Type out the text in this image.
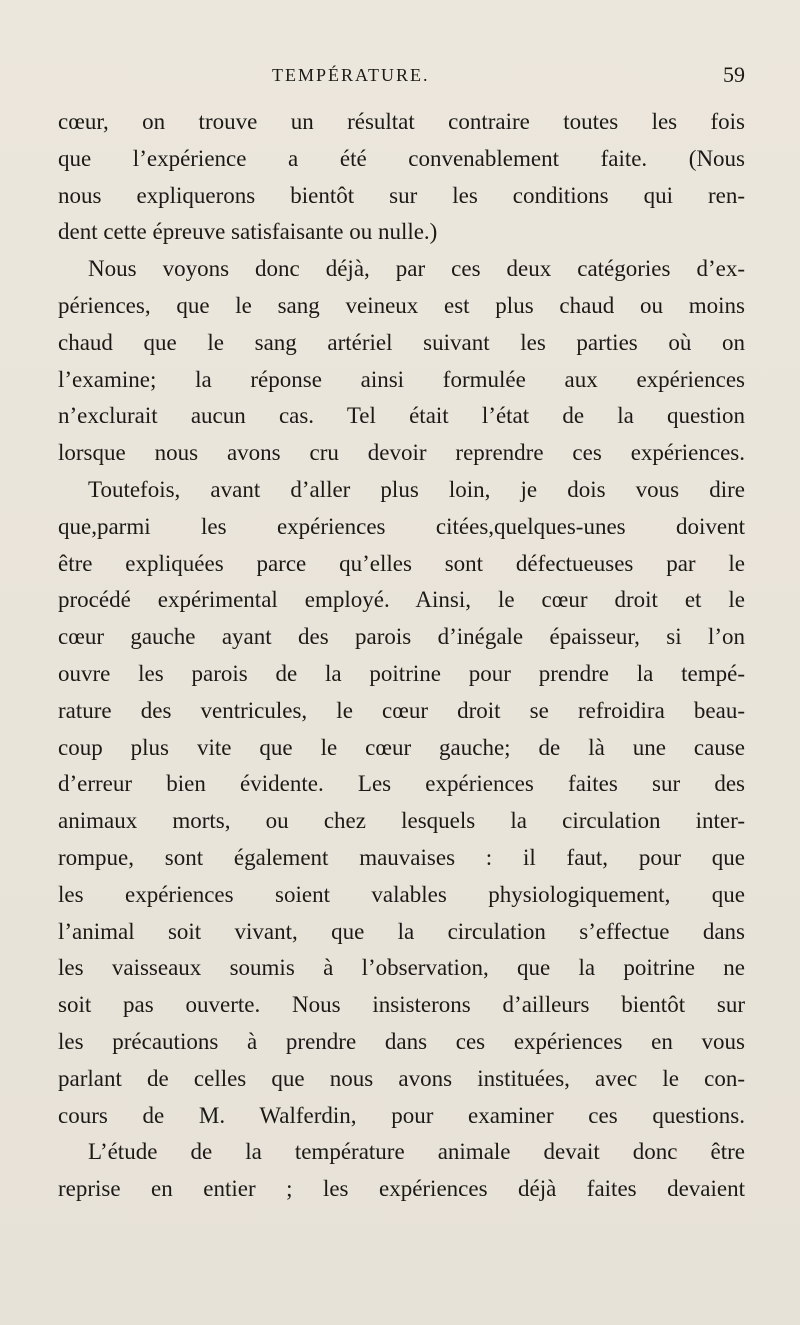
TEMPÉRATURE.	59
cœur, on trouve un résultat contraire toutes les fois
que l’expérience a été convenablement faite. (Nous
nous expliquerons bientôt sur les conditions qui ren-
dent cette épreuve satisfaisante ou nulle.)
Nous voyons donc déjà, par ces deux catégories d’ex-
périences, que le sang veineux est plus chaud ou moins
chaud que le sang artériel suivant les parties où on
l’examine; la réponse ainsi formulée aux expériences
n’exclurait aucun cas. Tel était l’état de la question
lorsque nous avons cru devoir reprendre ces expériences.
Toutefois, avant d’aller plus loin, je dois vous dire
que,parmi les expériences citées,quelques-unes doivent
être expliquées parce qu’elles sont défectueuses par le
procédé expérimental employé. Ainsi, le cœur droit et le
cœur gauche ayant des parois d’inégale épaisseur, si l’on
ouvre les parois de la poitrine pour prendre la tempé-
rature des ventricules, le cœur droit se refroidira beau-
coup plus vite que le cœur gauche; de là une cause
d’erreur bien évidente. Les expériences faites sur des
animaux morts, ou chez lesquels la circulation inter-
rompue, sont également mauvaises : il faut, pour que
les expériences soient valables physiologiquement, que
l’animal soit vivant, que la circulation s’effectue dans
les vaisseaux soumis à l’observation, que la poitrine ne
soit pas ouverte. Nous insisterons d’ailleurs bientôt sur
les précautions à prendre dans ces expériences en vous
parlant de celles que nous avons instituées, avec le con-
cours de M. Walferdin, pour examiner ces questions.
L’étude de la température animale devait donc être
reprise en entier ; les expériences déjà faites devaient
